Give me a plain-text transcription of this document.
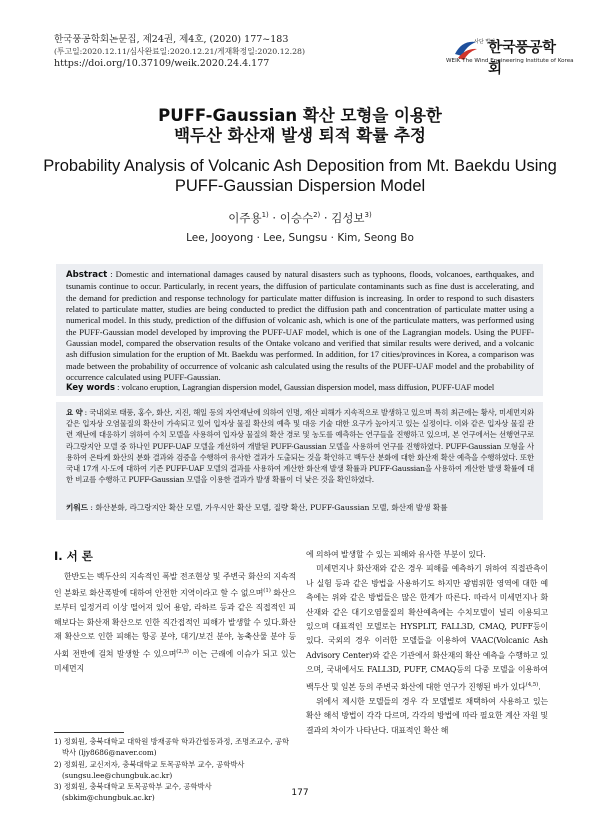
한국풍공학회논문집, 제24권, 제4호, (2020) 177~183
(투고일:2020.12.11/심사완료일:2020.12.21/게재확정일:2020.12.28)
https://doi.org/10.37109/weik.2020.24.4.177
사단 법인
한국풍공학회
WEIK The Wind Engineering Institute of Korea
PUFF-Gaussian 확산 모형을 이용한
백두산 화산재 발생 퇴적 확률 추정
Probability Analysis of Volcanic Ash Deposition from Mt. Baekdu Using
PUFF-Gaussian Dispersion Model
이주용$^{1)}$ · 이승수$^{2)}$ · 김성보$^{3)}$
Lee, Jooyong · Lee, Sungsu · Kim, Seong Bo
Abstract : Domestic and international damages caused by natural disasters such as typhoons, floods, volcanoes, earthquakes, and tsunamis continue to occur. Particularly, in recent years, the diffusion of particulate contaminants such as fine dust is accelerating, and the demand for prediction and response technology for particulate matter diffusion is increasing. In order to respond to such disasters related to particulate matter, studies are being conducted to predict the diffusion path and concentration of particulate matter using a numerical model. In this study, prediction of the diffusion of volcanic ash, which is one of the particulate matters, was performed using the PUFF-Gaussian model developed by improving the PUFF-UAF model, which is one of the Lagrangian models. Using the PUFF-Gaussian model, compared the observation results of the Ontake volcano and verified that similar results were derived, and a volcanic ash diffusion simulation for the eruption of Mt. Baekdu was performed. In addition, for 17 cities/provinces in Korea, a comparison was made between the probability of occurrence of volcanic ash calculated using the results of the PUFF-UAF model and the probability of occurrence calculated using PUFF-Gaussian.
Key words : volcano eruption, Lagrangian dispersion model, Gaussian dispersion model, mass diffusion, PUFF-UAF model
요 약 : 국내외로 태풍, 홍수, 화산, 지진, 해일 등의 자연재난에 의하여 인명, 재산 피해가 지속적으로 발생하고 있으며 특히 최근에는 황사, 미세먼지와 같은 입자상 오염물질의 확산이 가속되고 있어 입자상 물질 확산의 예측 및 대응 기술 대한 요구가 높아지고 있는 실정이다. 이와 같은 입자상 물질 관련 재난에 대응하기 위하여 수치 모델을 사용하여 입자상 물질의 확산 경로 및 농도를 예측하는 연구들을 진행하고 있으며, 본 연구에서는 선행연구로 라그랑지안 모델 중 하나인 PUFF-UAF 모델을 개선하여 개발된 PUFF-Gaussian 모델을 사용하여 연구를 진행하였다. PUFF-Gaussian 모형을 사용하여 온타케 화산의 분화 결과와 검증을 수행하여 유사한 결과가 도출되는 것을 확인하고 백두산 분화에 대한 화산재 확산 예측을 수행하였다. 또한 국내 17개 시·도에 대하여 기존 PUFF-UAF 모델의 결과를 사용하여 계산한 화산재 발생 확률과 PUFF-Gaussian을 사용하여 계산한 발생 확률에 대한 비교를 수행하고 PUFF-Gaussian 모델을 이용한 결과가 발생 확률이 더 낮은 것을 확인하였다.
키워드 : 화산분화, 라그랑지안 확산 모델, 가우시안 확산 모델, 질량 확산, PUFF-Gaussian 모델, 화산재 발생 확률
I. 서 론

한반도는 백두산의 지속적인 폭발 전조현상 및 주변국 화산의 지속적인 분화로 화산폭발에 대하여 안전한 지역이라고 할 수 없으며$^{(1)}$ 화산으로부터 일정거리 이상 떨어져 있어 용암, 라하르 등과 같은 직접적인 피해보다는 화산재 확산으로 인한 직간접적인 피해가 발생할 수 있다.화산재 확산으로 인한 피해는 항공 분야, 대기/보건 분야, 농축산물 분야 등 사회 전반에 걸쳐 발생할 수 있으며$^{(2,3)}$ 이는 근래에 이슈가 되고 있는 미세먼지

1) 정회원, 충북대학교 대학원 방재공학 학과간협동과정, 조명조교수, 공학박사 (ljy8686@naver.com)
2) 정회원, 교신저자, 충북대학교 토목공학부 교수, 공학박사 (sungsu.lee@chungbuk.ac.kr)
3) 정회원, 충북대학교 토목공학부 교수, 공학박사 (sbkim@chungbuk.ac.kr)

에 의하여 발생할 수 있는 피해와 유사한 부분이 있다.

미세먼지나 화산재와 같은 경우 피해를 예측하기 위하여 직접관측이나 실험 등과 같은 방법을 사용하기도 하지만 광범위한 영역에 대한 예측에는 위와 같은 방법들은 많은 한계가 따른다. 따라서 미세먼지나 화산재와 같은 대기오염물질의 확산예측에는 수치모델이 널리 이용되고 있으며 대표적인 모델로는 HYSPLIT, FALL3D, CMAQ, PUFF등이 있다. 국외의 경우 이러한 모델들을 이용하여 VAAC(Volcanic Ash Advisory Center)와 같은 기관에서 화산재의 확산 예측을 수행하고 있으며, 국내에서도 FALL3D, PUFF, CMAQ등의 다중 모델을 이용하여 백두산 및 일본 등의 주변국 화산에 대한 연구가 진행된 바가 있다$^{(4,5)}$.

위에서 제시한 모델들의 경우 각 모델별로 채택하여 사용하고 있는 확산 해석 방법이 각각 다르며, 각각의 방법에 따라 필요한 계산 자원 및 결과의 차이가 나타난다. 대표적인 확산 해

177
